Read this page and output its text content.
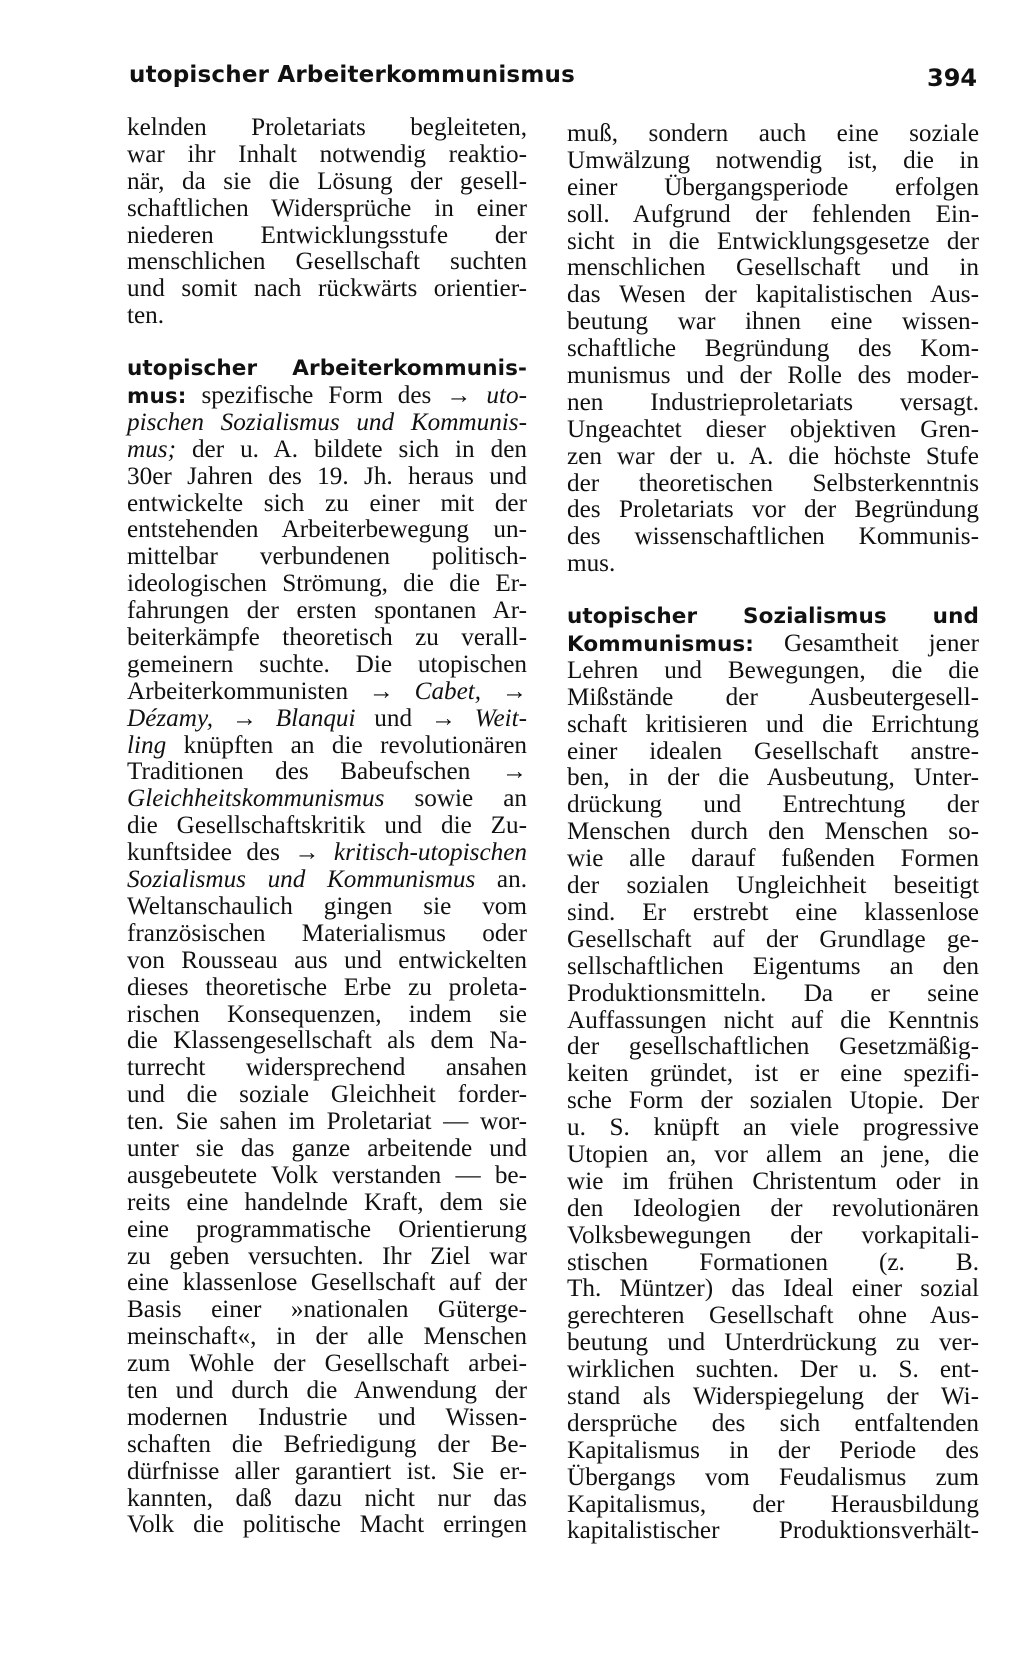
utopischer Arbeiterkommunismus	394
kelnden Proletariats begleiteten,
war ihr Inhalt notwendig reaktio-
när, da sie die Lösung der gesell-
schaftlichen Widersprüche in einer
niederen Entwicklungsstufe der
menschlichen Gesellschaft suchten
und somit nach rückwärts orientier-
ten.
utopischer Arbeiterkommunis-
mus: spezifische Form des → uto-
pischen Sozialismus und Kommunis-
mus; der u. A. bildete sich in den
30er Jahren des 19. Jh. heraus und
entwickelte sich zu einer mit der
entstehenden Arbeiterbewegung un-
mittelbar verbundenen politisch-
ideologischen Strömung, die die Er-
fahrungen der ersten spontanen Ar-
beiterkämpfe theoretisch zu verall-
gemeinern suchte. Die utopischen
Arbeiterkommunisten → Cabet, →
Dézamy, → Blanqui und → Weit-
ling knüpften an die revolutionären
Traditionen des Babeufschen →
Gleichheitskommunismus sowie an
die Gesellschaftskritik und die Zu-
kunftsidee des → kritisch-utopischen
Sozialismus und Kommunismus an.
Weltanschaulich gingen sie vom
französischen Materialismus oder
von Rousseau aus und entwickelten
dieses theoretische Erbe zu proleta-
rischen Konsequenzen, indem sie
die Klassengesellschaft als dem Na-
turrecht widersprechend ansahen
und die soziale Gleichheit forder-
ten. Sie sahen im Proletariat — wor-
unter sie das ganze arbeitende und
ausgebeutete Volk verstanden — be-
reits eine handelnde Kraft, dem sie
eine programmatische Orientierung
zu geben versuchten. Ihr Ziel war
eine klassenlose Gesellschaft auf der
Basis einer »nationalen Güterge-
meinschaft«, in der alle Menschen
zum Wohle der Gesellschaft arbei-
ten und durch die Anwendung der
modernen Industrie und Wissen-
schaften die Befriedigung der Be-
dürfnisse aller garantiert ist. Sie er-
kannten, daß dazu nicht nur das
Volk die politische Macht erringen
muß, sondern auch eine soziale
Umwälzung notwendig ist, die in
einer Übergangsperiode erfolgen
soll. Aufgrund der fehlenden Ein-
sicht in die Entwicklungsgesetze der
menschlichen Gesellschaft und in
das Wesen der kapitalistischen Aus-
beutung war ihnen eine wissen-
schaftliche Begründung des Kom-
munismus und der Rolle des moder-
nen Industrieproletariats versagt.
Ungeachtet dieser objektiven Gren-
zen war der u. A. die höchste Stufe
der theoretischen Selbsterkenntnis
des Proletariats vor der Begründung
des wissenschaftlichen Kommunis-
mus.
utopischer Sozialismus und
Kommunismus: Gesamtheit jener
Lehren und Bewegungen, die die
Mißstände der Ausbeutergesell-
schaft kritisieren und die Errichtung
einer idealen Gesellschaft anstre-
ben, in der die Ausbeutung, Unter-
drückung und Entrechtung der
Menschen durch den Menschen so-
wie alle darauf fußenden Formen
der sozialen Ungleichheit beseitigt
sind. Er erstrebt eine klassenlose
Gesellschaft auf der Grundlage ge-
sellschaftlichen Eigentums an den
Produktionsmitteln. Da er seine
Auffassungen nicht auf die Kenntnis
der gesellschaftlichen Gesetzmäßig-
keiten gründet, ist er eine spezifi-
sche Form der sozialen Utopie. Der
u. S. knüpft an viele progressive
Utopien an, vor allem an jene, die
wie im frühen Christentum oder in
den Ideologien der revolutionären
Volksbewegungen der vorkapitali-
stischen Formationen (z. B.
Th. Müntzer) das Ideal einer sozial
gerechteren Gesellschaft ohne Aus-
beutung und Unterdrückung zu ver-
wirklichen suchten. Der u. S. ent-
stand als Widerspiegelung der Wi-
dersprüche des sich entfaltenden
Kapitalismus in der Periode des
Übergangs vom Feudalismus zum
Kapitalismus, der Herausbildung
kapitalistischer Produktionsverhält-
